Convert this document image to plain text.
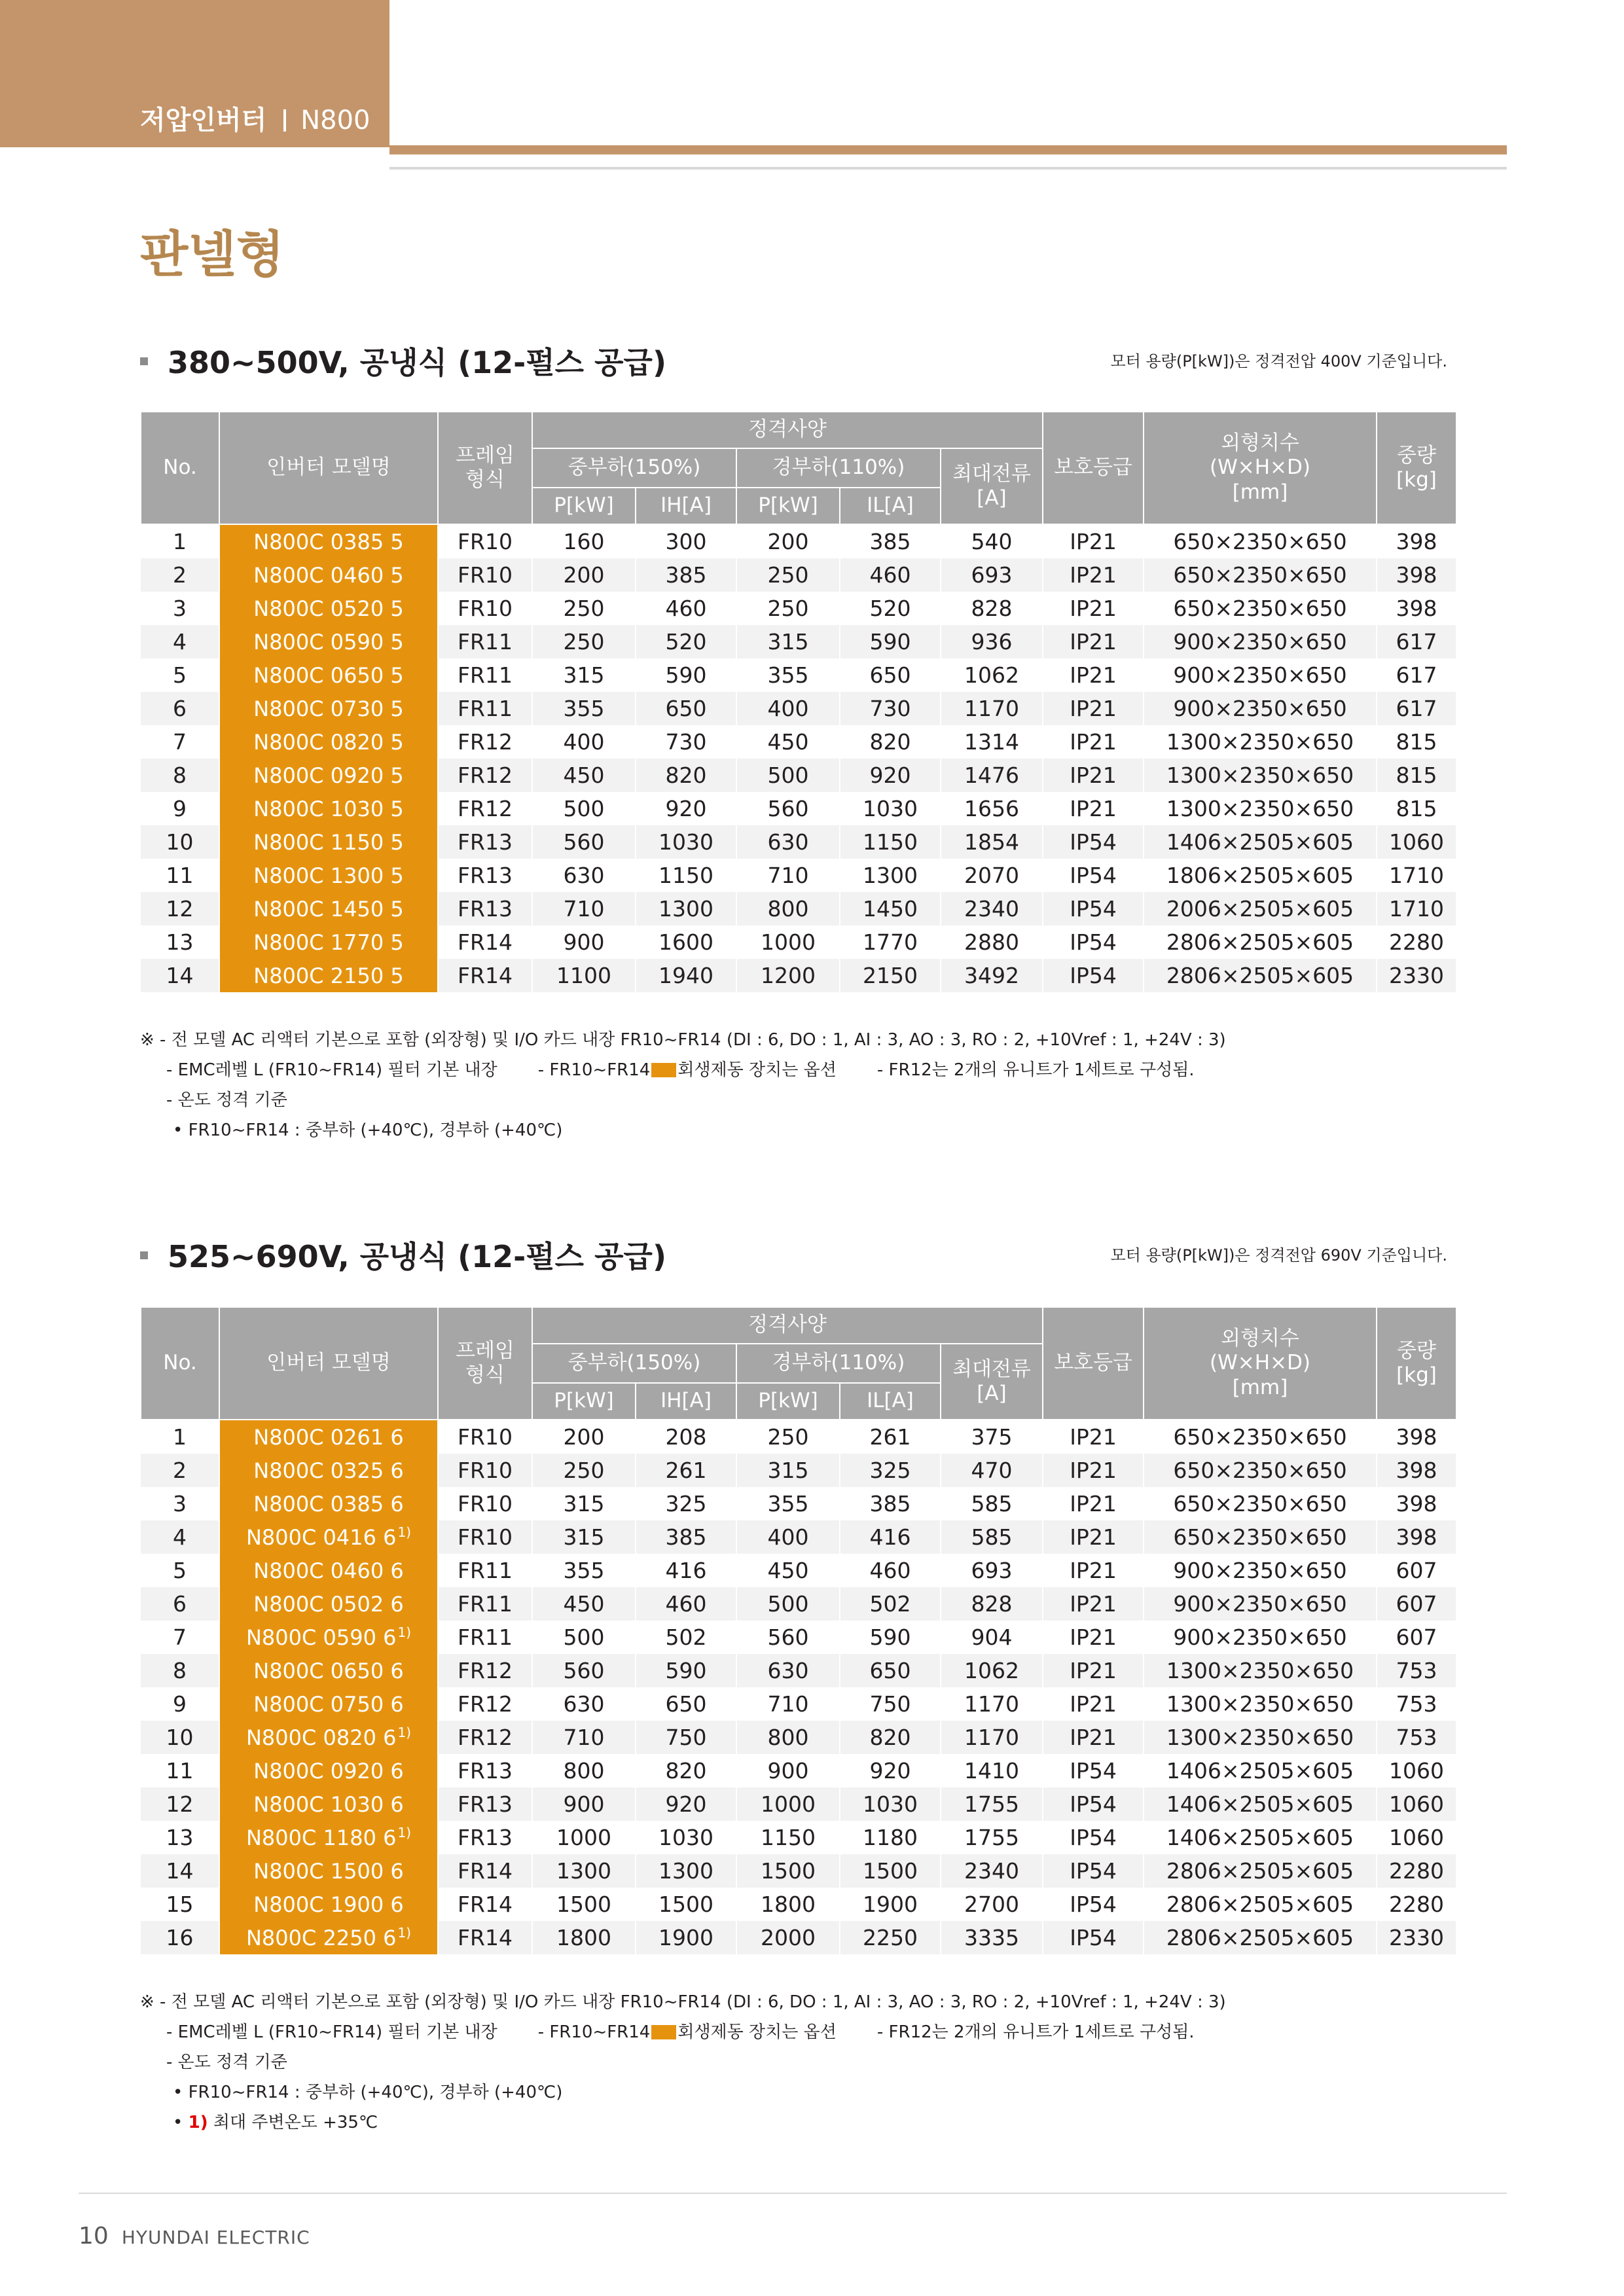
저압인버터 N800
판넬형
380~500V, 공냉식 (12-펄스 공급)	모터 용량(P[kW])은 정격전압 400V 기준입니다.
No.	인버터 모델명	프레임
형식	정격사양					보호등급	외형치수
(W×H×D)
[mm]	중량
[kg]
			중부하(150%)		경부하(110%)		최대전류
[A]			
			P[kW]	IH[A]	P[kW]	IL[A]				
1	N800C 0385 5	FR10	160	300	200	385	540	IP21	650×2350×650	398
2	N800C 0460 5	FR10	200	385	250	460	693	IP21	650×2350×650	398
3	N800C 0520 5	FR10	250	460	250	520	828	IP21	650×2350×650	398
4	N800C 0590 5	FR11	250	520	315	590	936	IP21	900×2350×650	617
5	N800C 0650 5	FR11	315	590	355	650	1062	IP21	900×2350×650	617
6	N800C 0730 5	FR11	355	650	400	730	1170	IP21	900×2350×650	617
7	N800C 0820 5	FR12	400	730	450	820	1314	IP21	1300×2350×650	815
8	N800C 0920 5	FR12	450	820	500	920	1476	IP21	1300×2350×650	815
9	N800C 1030 5	FR12	500	920	560	1030	1656	IP21	1300×2350×650	815
10	N800C 1150 5	FR13	560	1030	630	1150	1854	IP54	1406×2505×605	1060
11	N800C 1300 5	FR13	630	1150	710	1300	2070	IP54	1806×2505×605	1710
12	N800C 1450 5	FR13	710	1300	800	1450	2340	IP54	2006×2505×605	1710
13	N800C 1770 5	FR14	900	1600	1000	1770	2880	IP54	2806×2505×605	2280
14	N800C 2150 5	FR14	1100	1940	1200	2150	3492	IP54	2806×2505×605	2330
※ - 전 모델 AC 리액터 기본으로 포함 (외장형) 및 I/O 카드 내장 FR10~FR14 (DI : 6, DO : 1, AI : 3, AO : 3, RO : 2, +10Vref : 1, +24V : 3)
- EMC레벨 L (FR10~FR14) 필터 기본 내장 - FR10~FR14 회생제동 장치는 옵션 - FR12는 2개의 유니트가 1세트로 구성됨.
- 온도 정격 기준
• FR10~FR14 : 중부하 (+40℃), 경부하 (+40℃)
525~690V, 공냉식 (12-펄스 공급)	모터 용량(P[kW])은 정격전압 690V 기준입니다.
No.	인버터 모델명	프레임
형식	정격사양					보호등급	외형치수
(W×H×D)
[mm]	중량
[kg]
			중부하(150%)		경부하(110%)		최대전류
[A]			
			P[kW]	IH[A]	P[kW]	IL[A]				
1	N800C 0261 6	FR10	200	208	250	261	375	IP21	650×2350×650	398
2	N800C 0325 6	FR10	250	261	315	325	470	IP21	650×2350×650	398
3	N800C 0385 6	FR10	315	325	355	385	585	IP21	650×2350×650	398
4	N800C 0416 6 $^{1)}$	FR10	315	385	400	416	585	IP21	650×2350×650	398
5	N800C 0460 6	FR11	355	416	450	460	693	IP21	900×2350×650	607
6	N800C 0502 6	FR11	450	460	500	502	828	IP21	900×2350×650	607
7	N800C 0590 6 $^{1)}$	FR11	500	502	560	590	904	IP21	900×2350×650	607
8	N800C 0650 6	FR12	560	590	630	650	1062	IP21	1300×2350×650	753
9	N800C 0750 6	FR12	630	650	710	750	1170	IP21	1300×2350×650	753
10	N800C 0820 6 $^{1)}$	FR12	710	750	800	820	1170	IP21	1300×2350×650	753
11	N800C 0920 6	FR13	800	820	900	920	1410	IP54	1406×2505×605	1060
12	N800C 1030 6	FR13	900	920	1000	1030	1755	IP54	1406×2505×605	1060
13	N800C 1180 6 $^{1)}$	FR13	1000	1030	1150	1180	1755	IP54	1406×2505×605	1060
14	N800C 1500 6	FR14	1300	1300	1500	1500	2340	IP54	2806×2505×605	2280
15	N800C 1900 6	FR14	1500	1500	1800	1900	2700	IP54	2806×2505×605	2280
16	N800C 2250 6 $^{1)}$	FR14	1800	1900	2000	2250	3335	IP54	2806×2505×605	2330
※ - 전 모델 AC 리액터 기본으로 포함 (외장형) 및 I/O 카드 내장 FR10~FR14 (DI : 6, DO : 1, AI : 3, AO : 3, RO : 2, +10Vref : 1, +24V : 3)
- EMC레벨 L (FR10~FR14) 필터 기본 내장 - FR10~FR14 회생제동 장치는 옵션 - FR12는 2개의 유니트가 1세트로 구성됨.
- 온도 정격 기준
• FR10~FR14 : 중부하 (+40℃), 경부하 (+40℃)
• 1) 최대 주변온도 +35℃
10 HYUNDAI ELECTRIC
